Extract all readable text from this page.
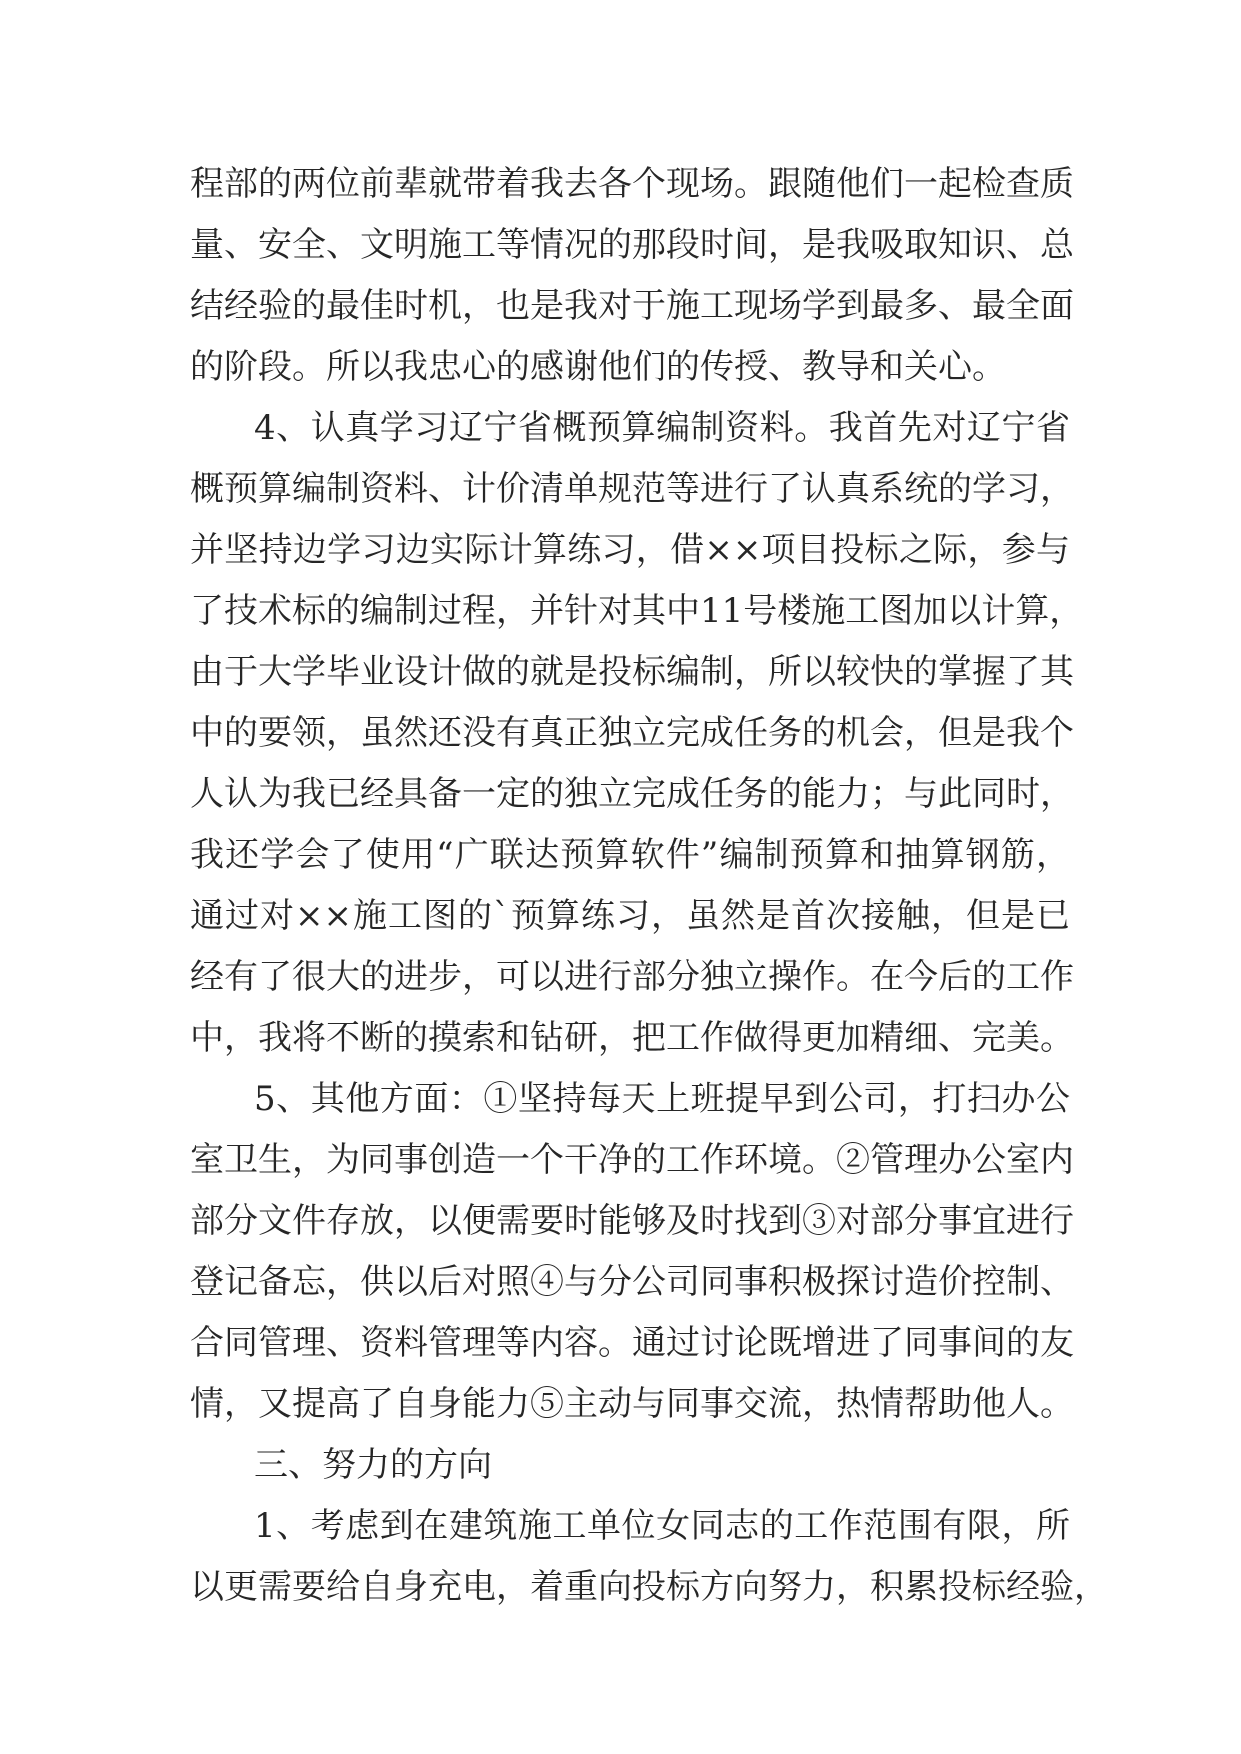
程部的两位前辈就带着我去各个现场。跟随他们一起检查质
量、安全、文明施工等情况的那段时间，是我吸取知识、总
结经验的最佳时机，也是我对于施工现场学到最多、最全面
的阶段。所以我忠心的感谢他们的传授、教导和关心。
4、认真学习辽宁省概预算编制资料。我首先对辽宁省
概预算编制资料、计价清单规范等进行了认真系统的学习，
并坚持边学习边实际计算练习，借××项目投标之际，参与
了技术标的编制过程，并针对其中11号楼施工图加以计算，
由于大学毕业设计做的就是投标编制，所以较快的掌握了其
中的要领，虽然还没有真正独立完成任务的机会，但是我个
人认为我已经具备一定的独立完成任务的能力；与此同时，
我还学会了使用“广联达预算软件”编制预算和抽算钢筋，
通过对××施工图的`预算练习，虽然是首次接触，但是已
经有了很大的进步，可以进行部分独立操作。在今后的工作
中，我将不断的摸索和钻研，把工作做得更加精细、完美。
5、其他方面：①坚持每天上班提早到公司，打扫办公
室卫生，为同事创造一个干净的工作环境。②管理办公室内
部分文件存放，以便需要时能够及时找到③对部分事宜进行
登记备忘，供以后对照④与分公司同事积极探讨造价控制、
合同管理、资料管理等内容。通过讨论既增进了同事间的友
情，又提高了自身能力⑤主动与同事交流，热情帮助他人。
三、努力的方向
1、考虑到在建筑施工单位女同志的工作范围有限，所
以更需要给自身充电，着重向投标方向努力，积累投标经验，
